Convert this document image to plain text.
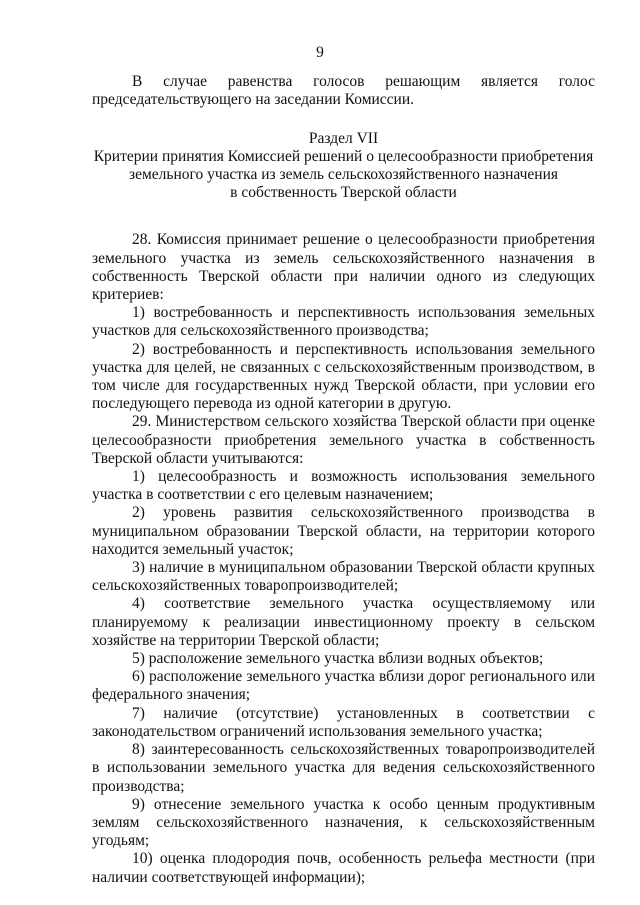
9

В случае равенства голосов решающим является голос председательствующего на заседании Комиссии.

Раздел VII
Критерии принятия Комиссией решений о целесообразности приобретения
земельного участка из земель сельскохозяйственного назначения
в собственность Тверской области

28. Комиссия принимает решение о целесообразности приобретения земельного участка из земель сельскохозяйственного назначения в собственность Тверской области при наличии одного из следующих критериев:

1) востребованность и перспективность использования земельных участков для сельскохозяйственного производства;

2) востребованность и перспективность использования земельного участка для целей, не связанных с сельскохозяйственным производством, в том числе для государственных нужд Тверской области, при условии его последующего перевода из одной категории в другую.

29. Министерством сельского хозяйства Тверской области при оценке целесообразности приобретения земельного участка в собственность Тверской области учитываются:

1) целесообразность и возможность использования земельного участка в соответствии с его целевым назначением;

2) уровень развития сельскохозяйственного производства в муниципальном образовании Тверской области, на территории которого находится земельный участок;

3) наличие в муниципальном образовании Тверской области крупных сельскохозяйственных товаропроизводителей;

4) соответствие земельного участка осуществляемому или планируемому к реализации инвестиционному проекту в сельском хозяйстве на территории Тверской области;

5) расположение земельного участка вблизи водных объектов;

6) расположение земельного участка вблизи дорог регионального или федерального значения;

7) наличие (отсутствие) установленных в соответствии с законодательством ограничений использования земельного участка;

8) заинтересованность сельскохозяйственных товаропроизводителей в использовании земельного участка для ведения сельскохозяйственного производства;

9) отнесение земельного участка к особо ценным продуктивным землям сельскохозяйственного назначения, к сельскохозяйственным угодьям;

10) оценка плодородия почв, особенность рельефа местности (при наличии соответствующей информации);
